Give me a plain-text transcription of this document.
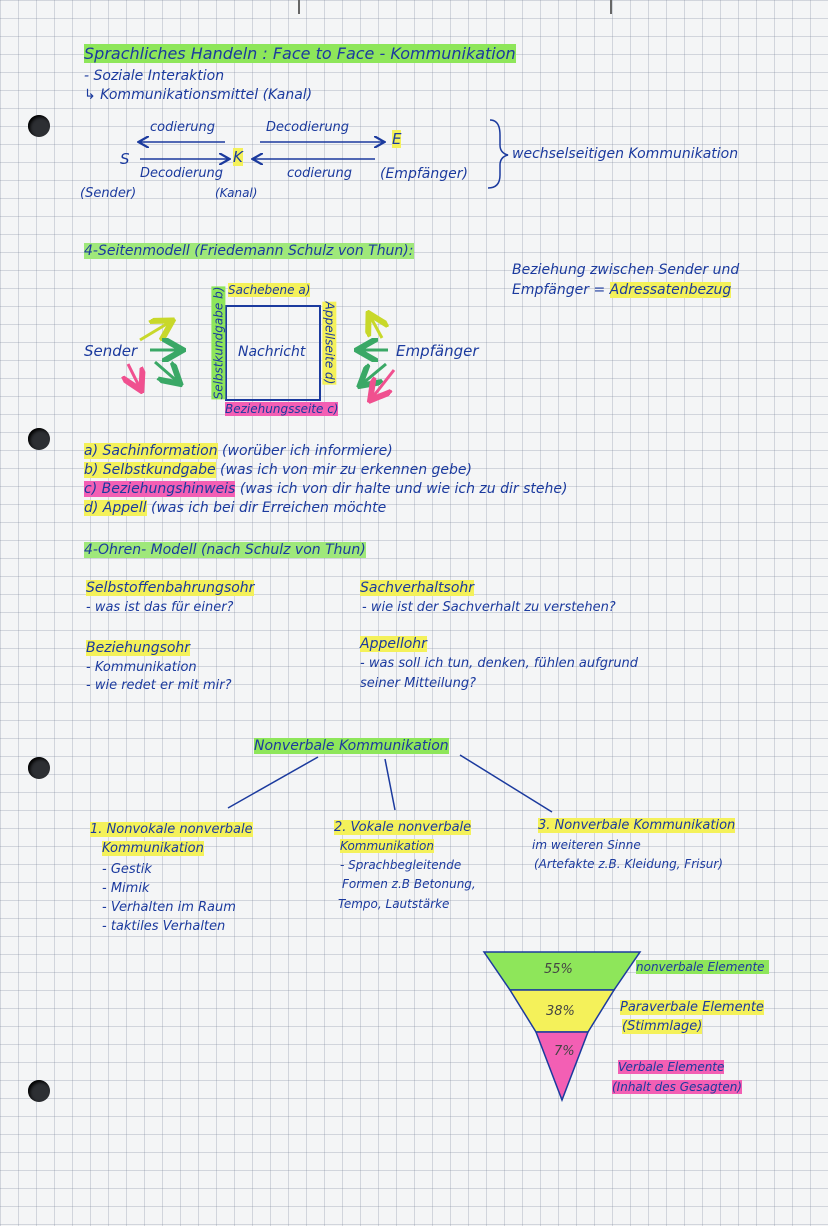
Sprachliches Handeln : Face to Face - Kommunikation
- Soziale Interaktion
↳ Kommunikationsmittel (Kanal)
codierung	Decodierung
E
S	K
Decodierung	codierung (Empfänger)
(Sender)	(Kanal)
wechselseitigen Kommunikation
4-Seitenmodell (Friedemann Schulz von Thun):
Beziehung zwischen Sender und
Empfänger = Adressatenbezug
Sachebene a)
Selbstkundgabe b)	Appellseite d)
Beziehungsseite c)
Nachricht
Sender	Empfänger
a) Sachinformation (worüber ich informiere)
b) Selbstkundgabe (was ich von mir zu erkennen gebe)
c) Beziehungshinweis (was ich von dir halte und wie ich zu dir stehe)
d) Appell (was ich bei dir Erreichen möchte
4-Ohren- Modell (nach Schulz von Thun)
Selbstoffenbahrungsohr
- was ist das für einer?
Sachverhaltsohr
- wie ist der Sachverhalt zu verstehen?
Beziehungsohr
- Kommunikation
- wie redet er mit mir?
Appellohr
- was soll ich tun, denken, fühlen aufgrund
seiner Mitteilung?
Nonverbale Kommunikation
1. Nonvokale nonverbale
Kommunikation
- Gestik
- Mimik
- Verhalten im Raum
- taktiles Verhalten
2. Vokale nonverbale
Kommunikation
- Sprachbegleitende
Formen z.B Betonung,
Tempo, Lautstärke
3. Nonverbale Kommunikation
im weiteren Sinne
(Artefakte z.B. Kleidung, Frisur)
55%
38%
7%
nonverbale Elemente
Paraverbale Elemente
(Stimmlage)
Verbale Elemente
(Inhalt des Gesagten)
